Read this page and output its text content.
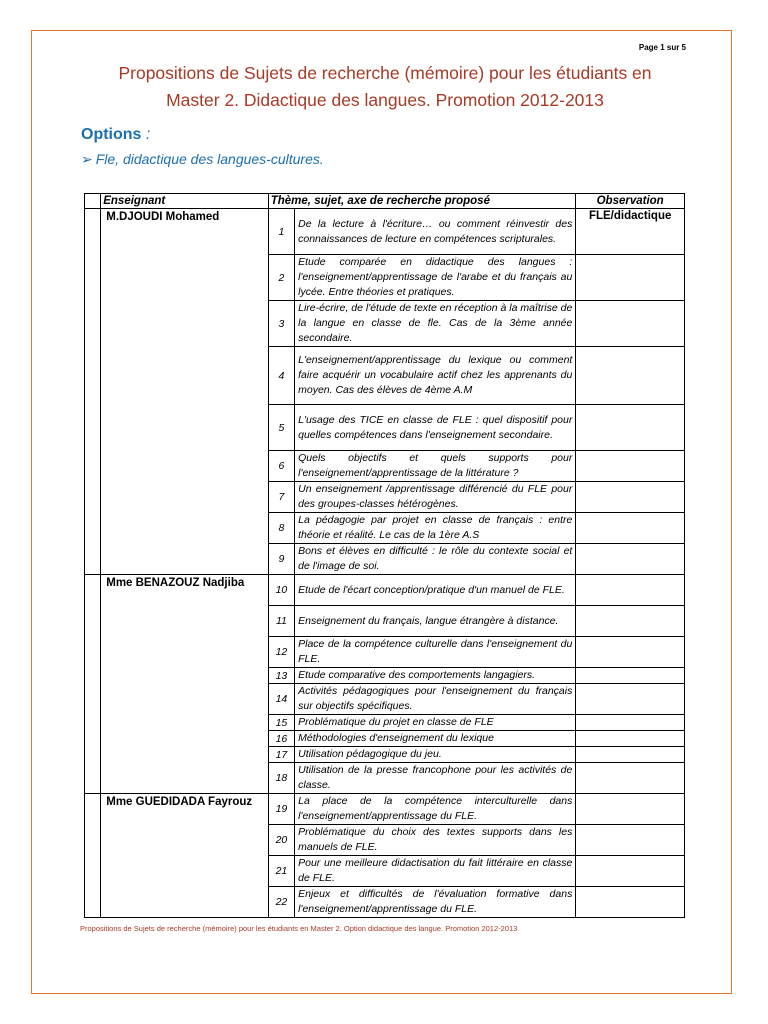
Page 1 sur 5
Propositions de Sujets de recherche (mémoire) pour les étudiants en
Master 2. Didactique des langues. Promotion 2012-2013
Options :
➢ Fle, didactique des langues-cultures.
	Enseignant	Thème, sujet, axe de recherche proposé		Observation
	M.DJOUDI Mohamed	1	De la lecture à l'écriture… ou comment réinvestir des connaissances de lecture en compétences scripturales.	FLE/didactique
		2	Etude comparée en didactique des langues : l'enseignement/apprentissage de l'arabe et du français au lycée. Entre théories et pratiques.	
		3	Lire-écrire, de l'étude de texte en réception à la maîtrise de la langue en classe de fle. Cas de la 3ème année secondaire.	
		4	L'enseignement/apprentissage du lexique ou comment faire acquérir un vocabulaire actif chez les apprenants du moyen. Cas des élèves de 4ème A.M	
		5	L'usage des TICE en classe de FLE : quel dispositif pour quelles compétences dans l'enseignement secondaire.	
		6	Quels objectifs et quels supports pour l'enseignement/apprentissage de la littérature ?	
		7	Un enseignement /apprentissage différencié du FLE pour des groupes-classes hétérogènes.	
		8	La pédagogie par projet en classe de français : entre théorie et réalité. Le cas de la 1ère A.S	
		9	Bons et élèves en difficulté : le rôle du contexte social et de l'image de soi.	
	Mme BENAZOUZ Nadjiba	10	Etude de l'écart conception/pratique d'un manuel de FLE.	
		11	Enseignement du français, langue étrangère à distance.	
		12	Place de la compétence culturelle dans l'enseignement du FLE.	
		13	Etude comparative des comportements langagiers.	
		14	Activités pédagogiques pour l'enseignement du français sur objectifs spécifiques.	
		15	Problématique du projet en classe de FLE	
		16	Méthodologies d'enseignement du lexique	
		17	Utilisation pédagogique du jeu.	
		18	Utilisation de la presse francophone pour les activités de classe.	
	Mme GUEDIDADA Fayrouz	19	La place de la compétence interculturelle dans l'enseignement/apprentissage du FLE.	
		20	Problématique du choix des textes supports dans les manuels de FLE.	
		21	Pour une meilleure didactisation du fait littéraire en classe de FLE.	
		22	Enjeux et difficultés de l'évaluation formative dans l'enseignement/apprentissage du FLE.	
Propositions de Sujets de recherche (mémoire) pour les étudiants en Master 2. Option didactique des langue. Promotion 2012-2013
